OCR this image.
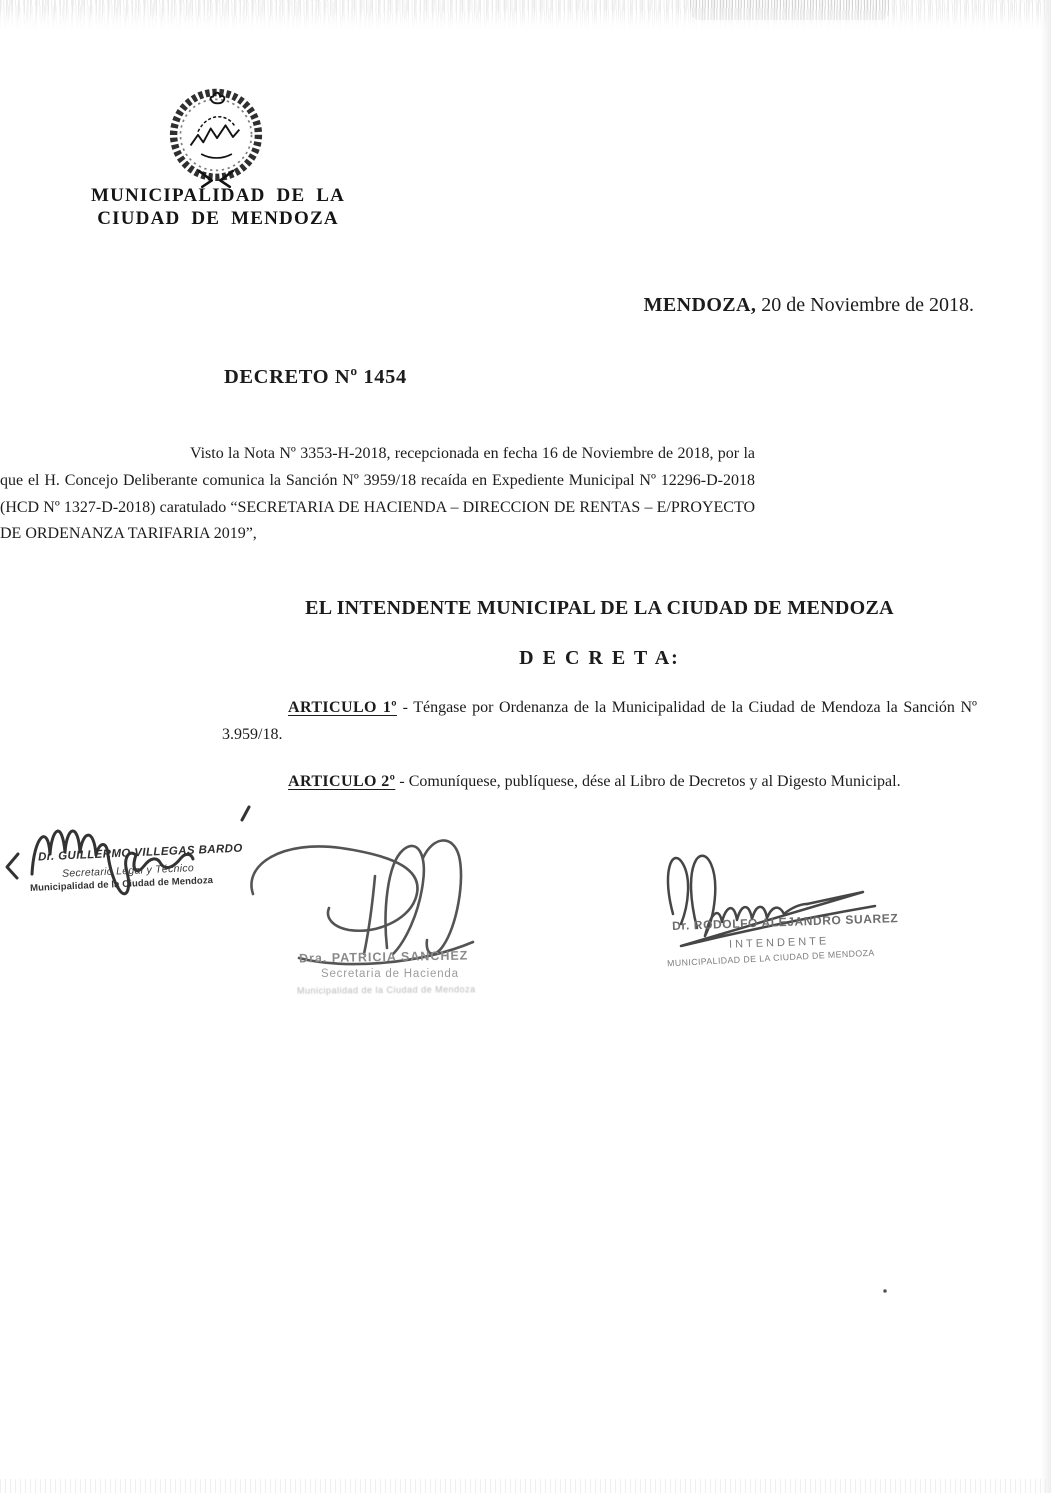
MUNICIPALIDAD DE LA
CIUDAD DE MENDOZA
MENDOZA, 20 de Noviembre de 2018.
DECRETO Nº 1454

Visto la Nota Nº 3353-H-2018, recepcionada en fecha 16 de Noviembre de 2018, por la que el H. Concejo Deliberante comunica la Sanción Nº 3959/18 recaída en Expediente Municipal Nº 12296-D-2018 (HCD Nº 1327-D-2018) caratulado “SECRETARIA DE HACIENDA – DIRECCION DE RENTAS – E/PROYECTO DE ORDENANZA TARIFARIA 2019”,

EL INTENDENTE MUNICIPAL DE LA CIUDAD DE MENDOZA

D E C R E T A:

ARTICULO 1º - Téngase por Ordenanza de la Municipalidad de la Ciudad de Mendoza la Sanción Nº 3.959/18.

ARTICULO 2º - Comuníquese, publíquese, dése al Libro de Decretos y al Digesto Municipal.

Dr. GUILLERMO VILLEGAS BARDO

Secretario Legal y Técnico

Municipalidad de la Ciudad de Mendoza

Dra. PATRICIA SANCHEZ

Secretaria de Hacienda

Municipalidad de la Ciudad de Mendoza

Dr. RODOLFO ALEJANDRO SUAREZ

INTENDENTE

MUNICIPALIDAD DE LA CIUDAD DE MENDOZA
